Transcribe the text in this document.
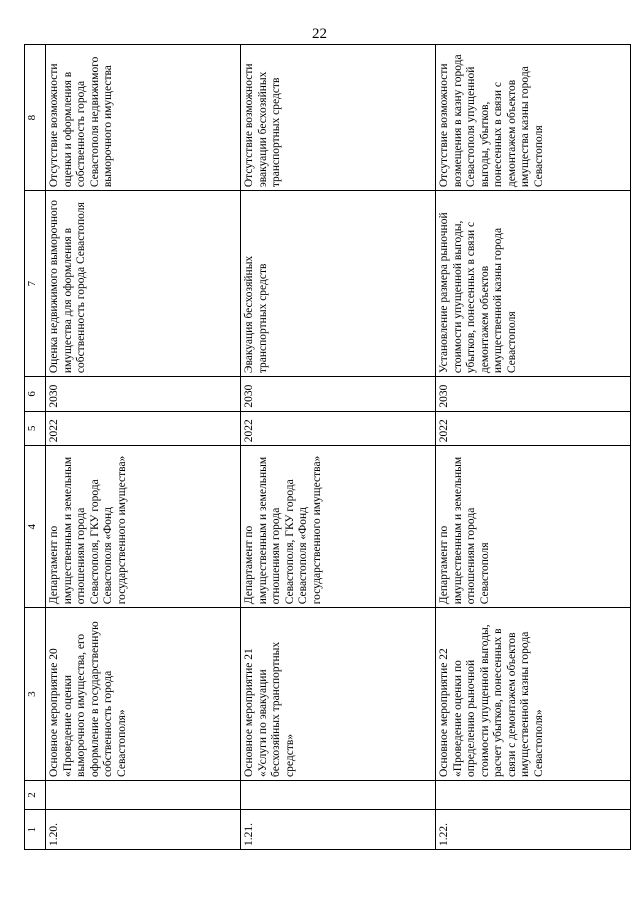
22
1	2	3	4	5	6	7	8
1.20.		Основное мероприятие 20 «Проведение оценки выморочного имущества, его оформление в государственную собственность города Севастополя»	Департамент по имущественным и земельным отношениям города Севастополя, ГКУ города Севастополя «Фонд государственного имущества»	2022	2030	Оценка недвижимого выморочного имущества для оформления в собственность города Севастополя	Отсутствие возможности оценки и оформления в собственность города Севастополя недвижимого выморочного имущества
1.21.		Основное мероприятие 21 «Услуги по эвакуации бесхозяйных транспортных средств»	Департамент по имущественным и земельным отношениям города Севастополя, ГКУ города Севастополя «Фонд государственного имущества»	2022	2030	Эвакуация бесхозяйных транспортных средств	Отсутствие возможности эвакуации бесхозяйных транспортных средств
1.22.		Основное мероприятие 22 «Проведение оценки по определению рыночной стоимости упущенной выгоды, расчет убытков, понесенных в связи с демонтажем объектов имущественной казны города Севастополя»	Департамент по имущественным и земельным отношениям города Севастополя	2022	2030	Установление размера рыночной стоимости упущенной выгоды, убытков, понесенных в связи с демонтажем объектов имущественной казны города Севастополя	Отсутствие возможности возмещения в казну города Севастополя упущенной выгоды, убытков, понесенных в связи с демонтажем объектов имущества казны города Севастополя
